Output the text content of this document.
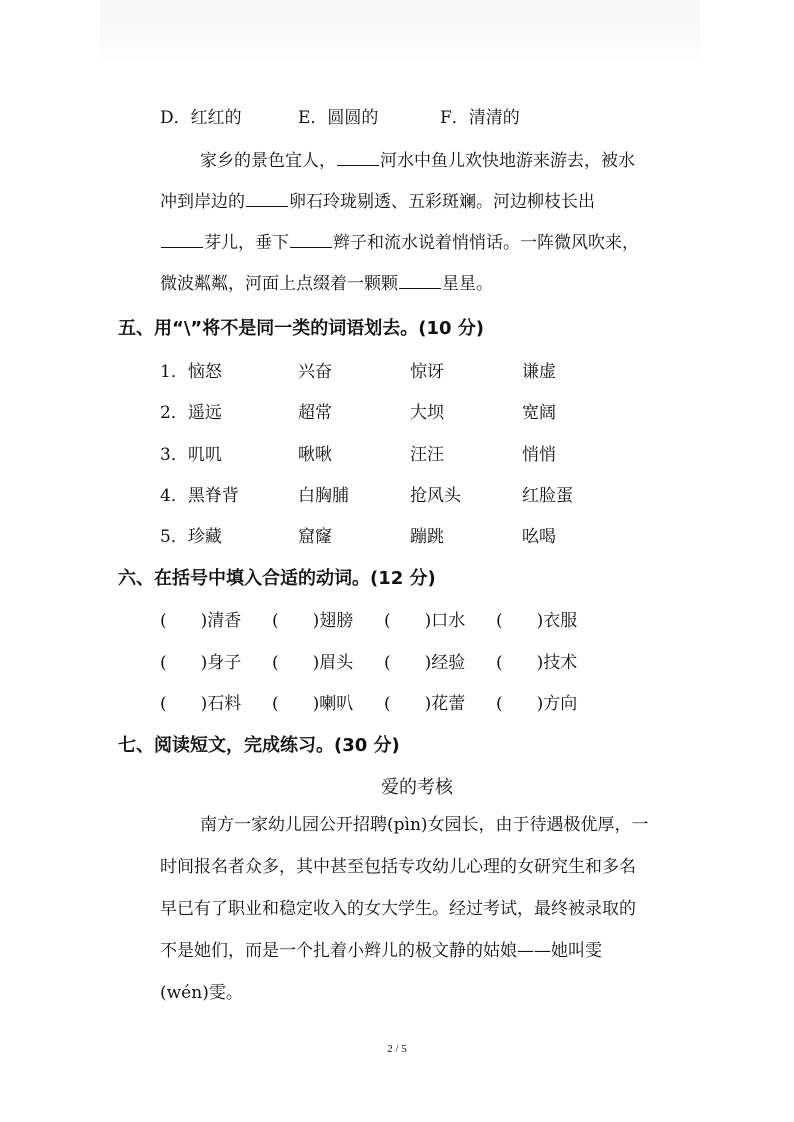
D．红红的	E．圆圆的	F．清清的
家乡的景色宜人，	河水中鱼儿欢快地游来游去，被水
冲到岸边的	卵石玲珑剔透、五彩斑斓。河边柳枝长出
芽儿，垂下	辫子和流水说着悄悄话。一阵微风吹来，
微波粼粼，河面上点缀着一颗颗	星星。
五、用“\”将不是同一类的词语划去。(10 分)
1．恼怒	兴奋	惊讶	谦虚
2．遥远	超常	大坝	宽阔
3．叽叽	啾啾	汪汪	悄悄
4．黑脊背	白胸脯	抢风头	红脸蛋
5．珍藏	窟窿	蹦跳	吆喝
六、在括号中填入合适的动词。(12 分)
(　　)清香 (　　)翅膀 (　　)口水 (　　)衣服
(　　)身子 (　　)眉头 (　　)经验 (　　)技术
(　　)石料 (　　)喇叭 (　　)花蕾 (　　)方向
七、阅读短文，完成练习。(30 分)
爱的考核
南方一家幼儿园公开招聘(pìn)女园长，由于待遇极优厚，一
时间报名者众多，其中甚至包括专攻幼儿心理的女研究生和多名
早已有了职业和稳定收入的女大学生。经过考试，最终被录取的
不是她们，而是一个扎着小辫儿的极文静的姑娘——她叫雯
(wén)雯。
2 / 5
